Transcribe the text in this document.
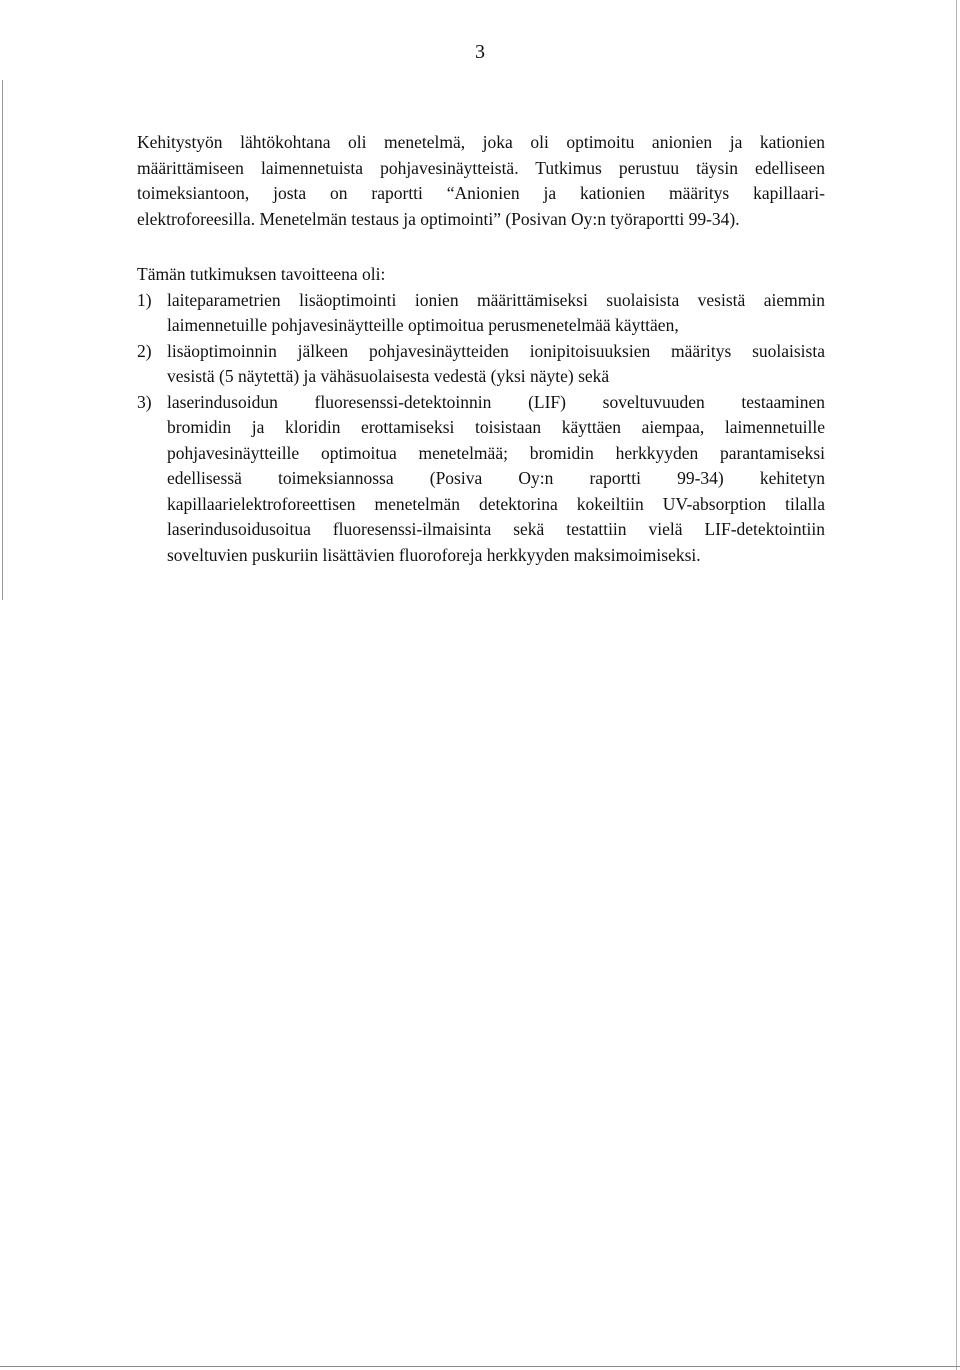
3

Kehitystyön lähtökohtana oli menetelmä, joka oli optimoitu anionien ja kationien

määrittämiseen laimennetuista pohjavesinäytteistä. Tutkimus perustuu täysin edelliseen

toimeksiantoon, josta on raportti “Anionien ja kationien määritys kapillaari-

elektroforeesilla. Menetelmän testaus ja optimointi” (Posivan Oy:n työraportti 99-34).

Tämän tutkimuksen tavoitteena oli:
1) laiteparametrien lisäoptimointi ionien määrittämiseksi suolaisista vesistä aiemmin

laimennetuille pohjavesinäytteille optimoitua perusmenetelmää käyttäen,

2) lisäoptimoinnin jälkeen pohjavesinäytteiden ionipitoisuuksien määritys suolaisista

vesistä (5 näytettä) ja vähäsuolaisesta vedestä (yksi näyte) sekä

3) laserindusoidun fluoresenssi-detektoinnin (LIF) soveltuvuuden testaaminen

bromidin ja kloridin erottamiseksi toisistaan käyttäen aiempaa, laimennetuille

pohjavesinäytteille optimoitua menetelmää; bromidin herkkyyden parantamiseksi

edellisessä toimeksiannossa (Posiva Oy:n raportti 99-34) kehitetyn

kapillaarielektroforeettisen menetelmän detektorina kokeiltiin UV-absorption tilalla

laserindusoidusoitua fluoresenssi-ilmaisinta sekä testattiin vielä LIF-detektointiin

soveltuvien puskuriin lisättävien fluoroforeja herkkyyden maksimoimiseksi.
